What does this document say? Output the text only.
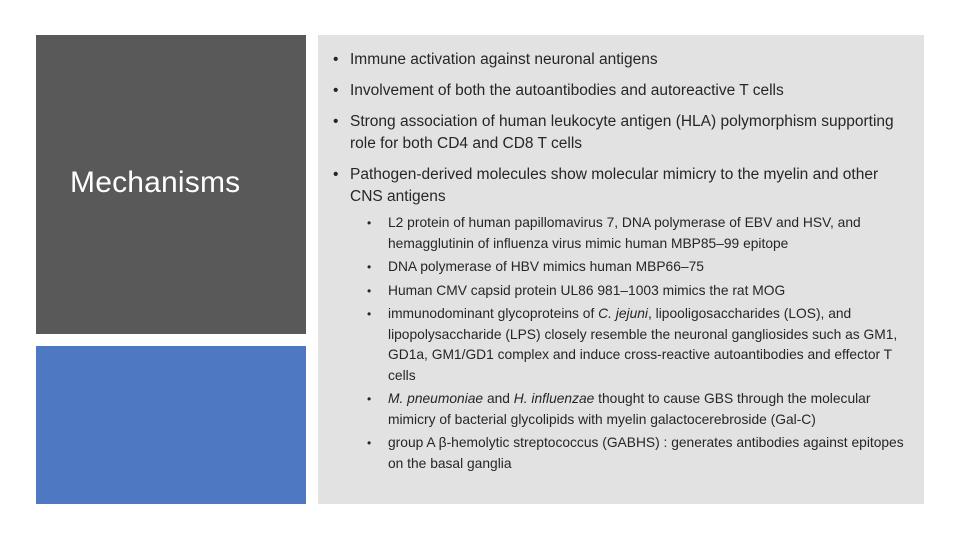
Mechanisms
• Immune activation against neuronal antigens
• Involvement of both the autoantibodies and autoreactive T cells
• Strong association of human leukocyte antigen (HLA) polymorphism supporting role for both CD4 and CD8 T cells
• Pathogen-derived molecules show molecular mimicry to the myelin and other CNS antigens
• L2 protein of human papillomavirus 7, DNA polymerase of EBV and HSV, and hemagglutinin of influenza virus mimic human MBP85–99 epitope
• DNA polymerase of HBV mimics human MBP66–75
• Human CMV capsid protein UL86 981–1003 mimics the rat MOG
• immunodominant glycoproteins of C. jejuni, lipooligosaccharides (LOS), and lipopolysaccharide (LPS) closely resemble the neuronal gangliosides such as GM1, GD1a, GM1/GD1 complex and induce cross-reactive autoantibodies and effector T cells
• M. pneumoniae and H. influenzae thought to cause GBS through the molecular mimicry of bacterial glycolipids with myelin galactocerebroside (Gal-C)
• group A β-hemolytic streptococcus (GABHS) : generates antibodies against epitopes on the basal ganglia
